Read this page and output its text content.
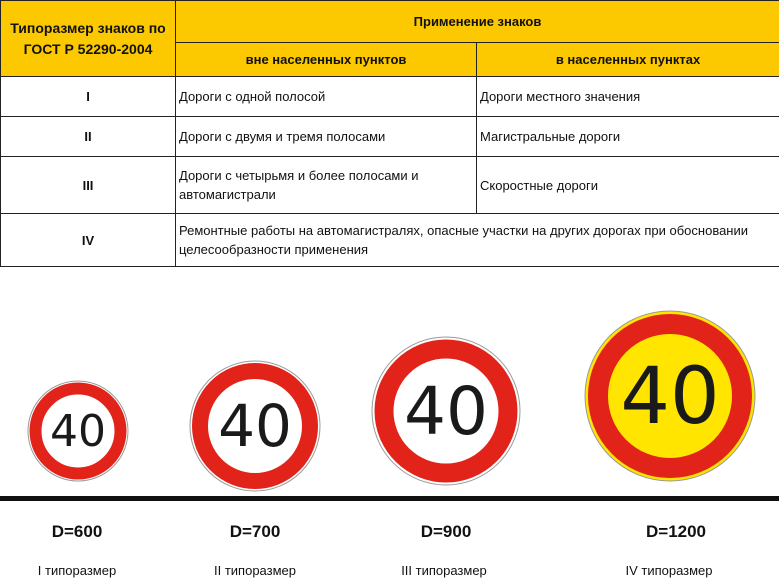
Типоразмер знаков по ГОСТ Р 52290-2004	Применение знаков	
	вне населенных пунктов	в населенных пунктах
I	Дороги с одной полосой	Дороги местного значения
II	Дороги с двумя и тремя полосами	Магистральные дороги
III	Дороги с четырьмя и более полосами и автомагистрали	Скоростные дороги
IV	Ремонтные работы на автомагистралях, опасные участки на других дорогах при обосновании целесообразности применения	
40 40 40 40
D=600	D=700	D=900	D=1200
I типоразмер	II типоразмер	III типоразмер	IV типоразмер
